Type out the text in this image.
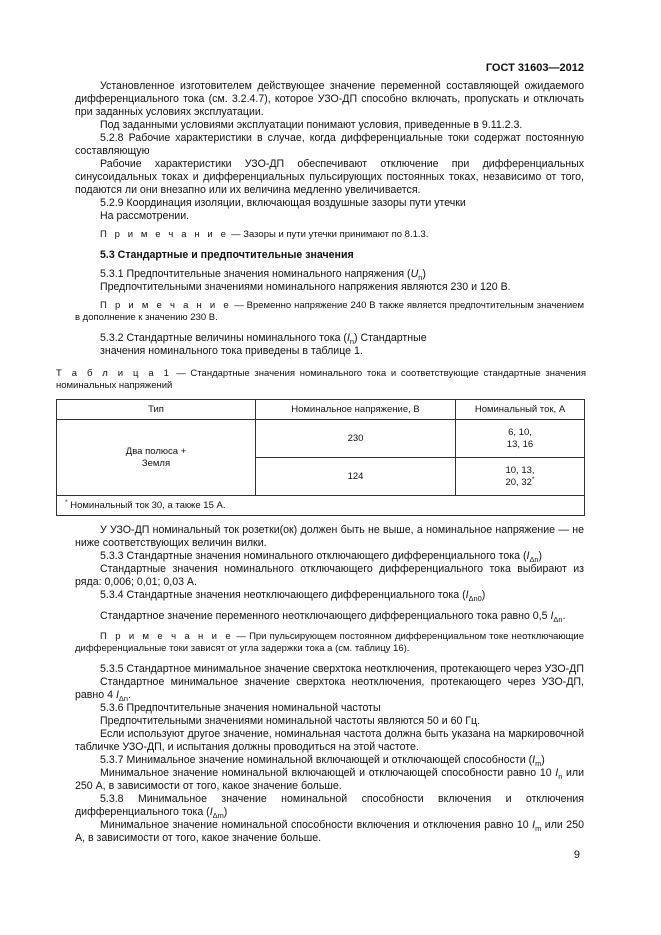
ГОСТ 31603—2012

Установленное изготовителем действующее значение переменной составляющей ожидаемого дифференциального тока (см. 3.2.4.7), которое УЗО-ДП способно включать, пропускать и отключать при заданных условиях эксплуатации.

Под заданными условиями эксплуатации понимают условия, приведенные в 9.11.2.3.

5.2.8 Рабочие характеристики в случае, когда дифференциальные токи содержат постоянную составляющую

Рабочие характеристики УЗО-ДП обеспечивают отключение при дифференциальных синусоидальных токах и дифференциальных пульсирующих постоянных токах, независимо от того, подаются ли они внезапно или их величина медленно увеличивается.

5.2.9 Координация изоляции, включающая воздушные зазоры пути утечки

На рассмотрении.

П р и м е ч а н и е — Зазоры и пути утечки принимают по 8.1.3.

5.3 Стандартные и предпочтительные значения

5.3.1 Предпочтительные значения номинального напряжения $(U_n)$

Предпочтительными значениями номинального напряжения являются 230 и 120 В.

П р и м е ч а н и е — Временно напряжение 240 В также является предпочтительным значением в дополнение к значению 230 В.

5.3.2 Стандартные величины номинального тока $(I_n)$ Стандартные

значения номинального тока приведены в таблице 1.

Т а б л и ц а 1 — Стандартные значения номинального тока и соответствующие стандартные значения номинальных напряжений

Тип	Номинальное напряжение, В	Номинальный ток, А
Два полюса +
Земля	230	6, 10,
13, 16
	124	10, 13,
20, 32*
* Номинальный ток 30, а также 15 А.		

У УЗО-ДП номинальный ток розетки(ок) должен быть не выше, а номинальное напряжение — не ниже соответствующих величин вилки.

5.3.3 Стандартные значения номинального отключающего дифференциального тока $(I_{\Delta n})$

Стандартные значения номинального отключающего дифференциального тока выбирают из ряда: 0,006; 0,01; 0,03 А.

5.3.4 Стандартные значения неотключающего дифференциального тока $(I_{\Delta n0})$

Стандартное значение переменного неотключающего дифференциального тока равно 0,5 $I_{\Delta n}$.

П р и м е ч а н и е — При пульсирующем постоянном дифференциальном токе неотключающие дифференциальные токи зависят от угла задержки тока а (см. таблицу 16).

5.3.5 Стандартное минимальное значение сверхтока неотключения, протекающего через УЗО-ДП

Стандартное минимальное значение сверхтока неотключения, протекающего через УЗО-ДП, равно 4 $I_{\Delta n}$.

5.3.6 Предпочтительные значения номинальной частоты

Предпочтительными значениями номинальной частоты являются 50 и 60 Гц.

Если используют другое значение, номинальная частота должна быть указана на маркировочной табличке УЗО-ДП, и испытания должны проводиться на этой частоте.

5.3.7 Минимальное значение номинальной включающей и отключающей способности $(I_m)$

Минимальное значение номинальной включающей и отключающей способности равно 10 $I_n$ или 250 А, в зависимости от того, какое значение больше.

5.3.8 Минимальное значение номинальной способности включения и отключения дифференциального тока $(I_{\Delta m})$

Минимальное значение номинальной способности включения и отключения равно 10 $I_m$ или 250 А, в зависимости от того, какое значение больше.

9
